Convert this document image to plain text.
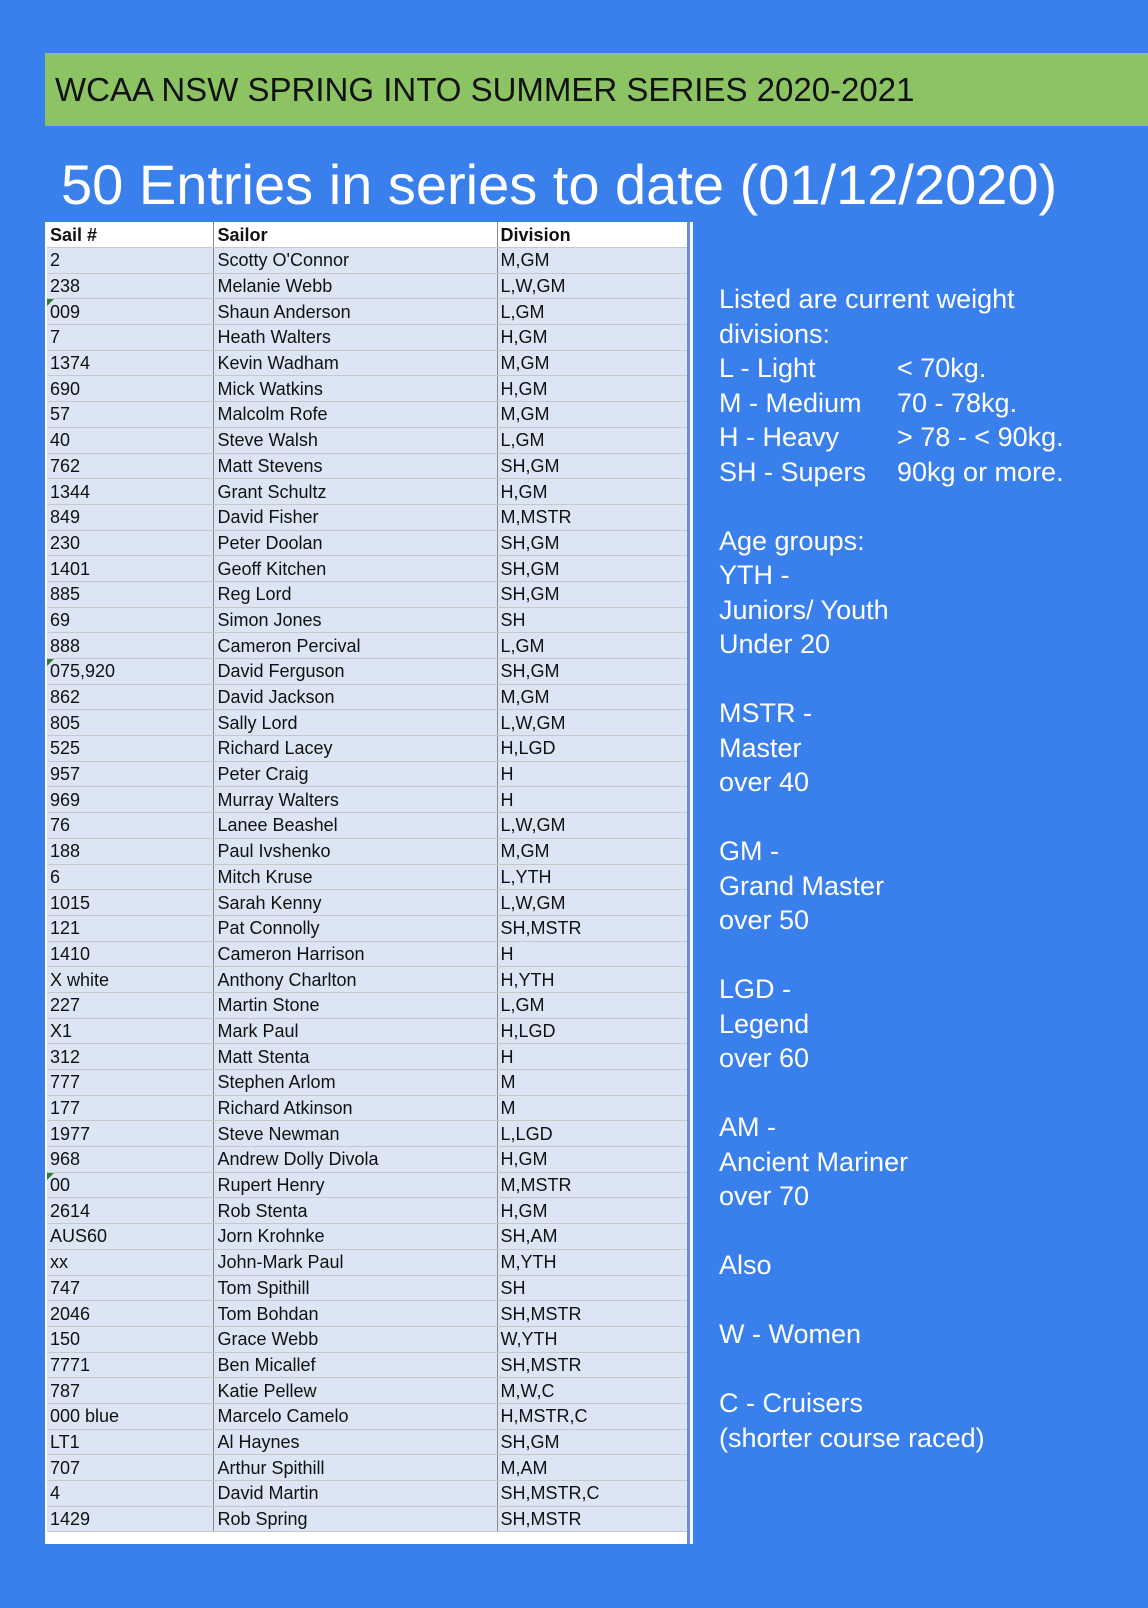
WCAA NSW SPRING INTO SUMMER SERIES 2020-2021
50 Entries in series to date (01/12/2020)
Sail #	Sailor	Division
2	Scotty O'Connor	M,GM
238	Melanie Webb	L,W,GM
009	Shaun Anderson	L,GM
7	Heath Walters	H,GM
1374	Kevin Wadham	M,GM
690	Mick Watkins	H,GM
57	Malcolm Rofe	M,GM
40	Steve Walsh	L,GM
762	Matt Stevens	SH,GM
1344	Grant Schultz	H,GM
849	David Fisher	M,MSTR
230	Peter Doolan	SH,GM
1401	Geoff Kitchen	SH,GM
885	Reg Lord	SH,GM
69	Simon Jones	SH
888	Cameron Percival	L,GM
075,920	David Ferguson	SH,GM
862	David Jackson	M,GM
805	Sally Lord	L,W,GM
525	Richard Lacey	H,LGD
957	Peter Craig	H
969	Murray Walters	H
76	Lanee Beashel	L,W,GM
188	Paul Ivshenko	M,GM
6	Mitch Kruse	L,YTH
1015	Sarah Kenny	L,W,GM
121	Pat Connolly	SH,MSTR
1410	Cameron Harrison	H
X white	Anthony Charlton	H,YTH
227	Martin Stone	L,GM
X1	Mark Paul	H,LGD
312	Matt Stenta	H
777	Stephen Arlom	M
177	Richard Atkinson	M
1977	Steve Newman	L,LGD
968	Andrew Dolly Divola	H,GM
00	Rupert Henry	M,MSTR
2614	Rob Stenta	H,GM
AUS60	Jorn Krohnke	SH,AM
xx	John-Mark Paul	M,YTH
747	Tom Spithill	SH
2046	Tom Bohdan	SH,MSTR
150	Grace Webb	W,YTH
7771	Ben Micallef	SH,MSTR
787	Katie Pellew	M,W,C
000 blue	Marcelo Camelo	H,MSTR,C
LT1	Al Haynes	SH,GM
707	Arthur Spithill	M,AM
4	David Martin	SH,MSTR,C
1429	Rob Spring	SH,MSTR
Listed are current weight
divisions:
L - Light	< 70kg.
M - Medium	70 - 78kg.
H - Heavy	> 78 - < 90kg.
SH - Supers	90kg or more.
Age groups:
YTH -
Juniors/ Youth
Under 20
MSTR -
Master
over 40
GM -
Grand Master
over 50
LGD -
Legend
over 60
AM -
Ancient Mariner
over 70
Also
W - Women
C - Cruisers
(shorter course raced)
